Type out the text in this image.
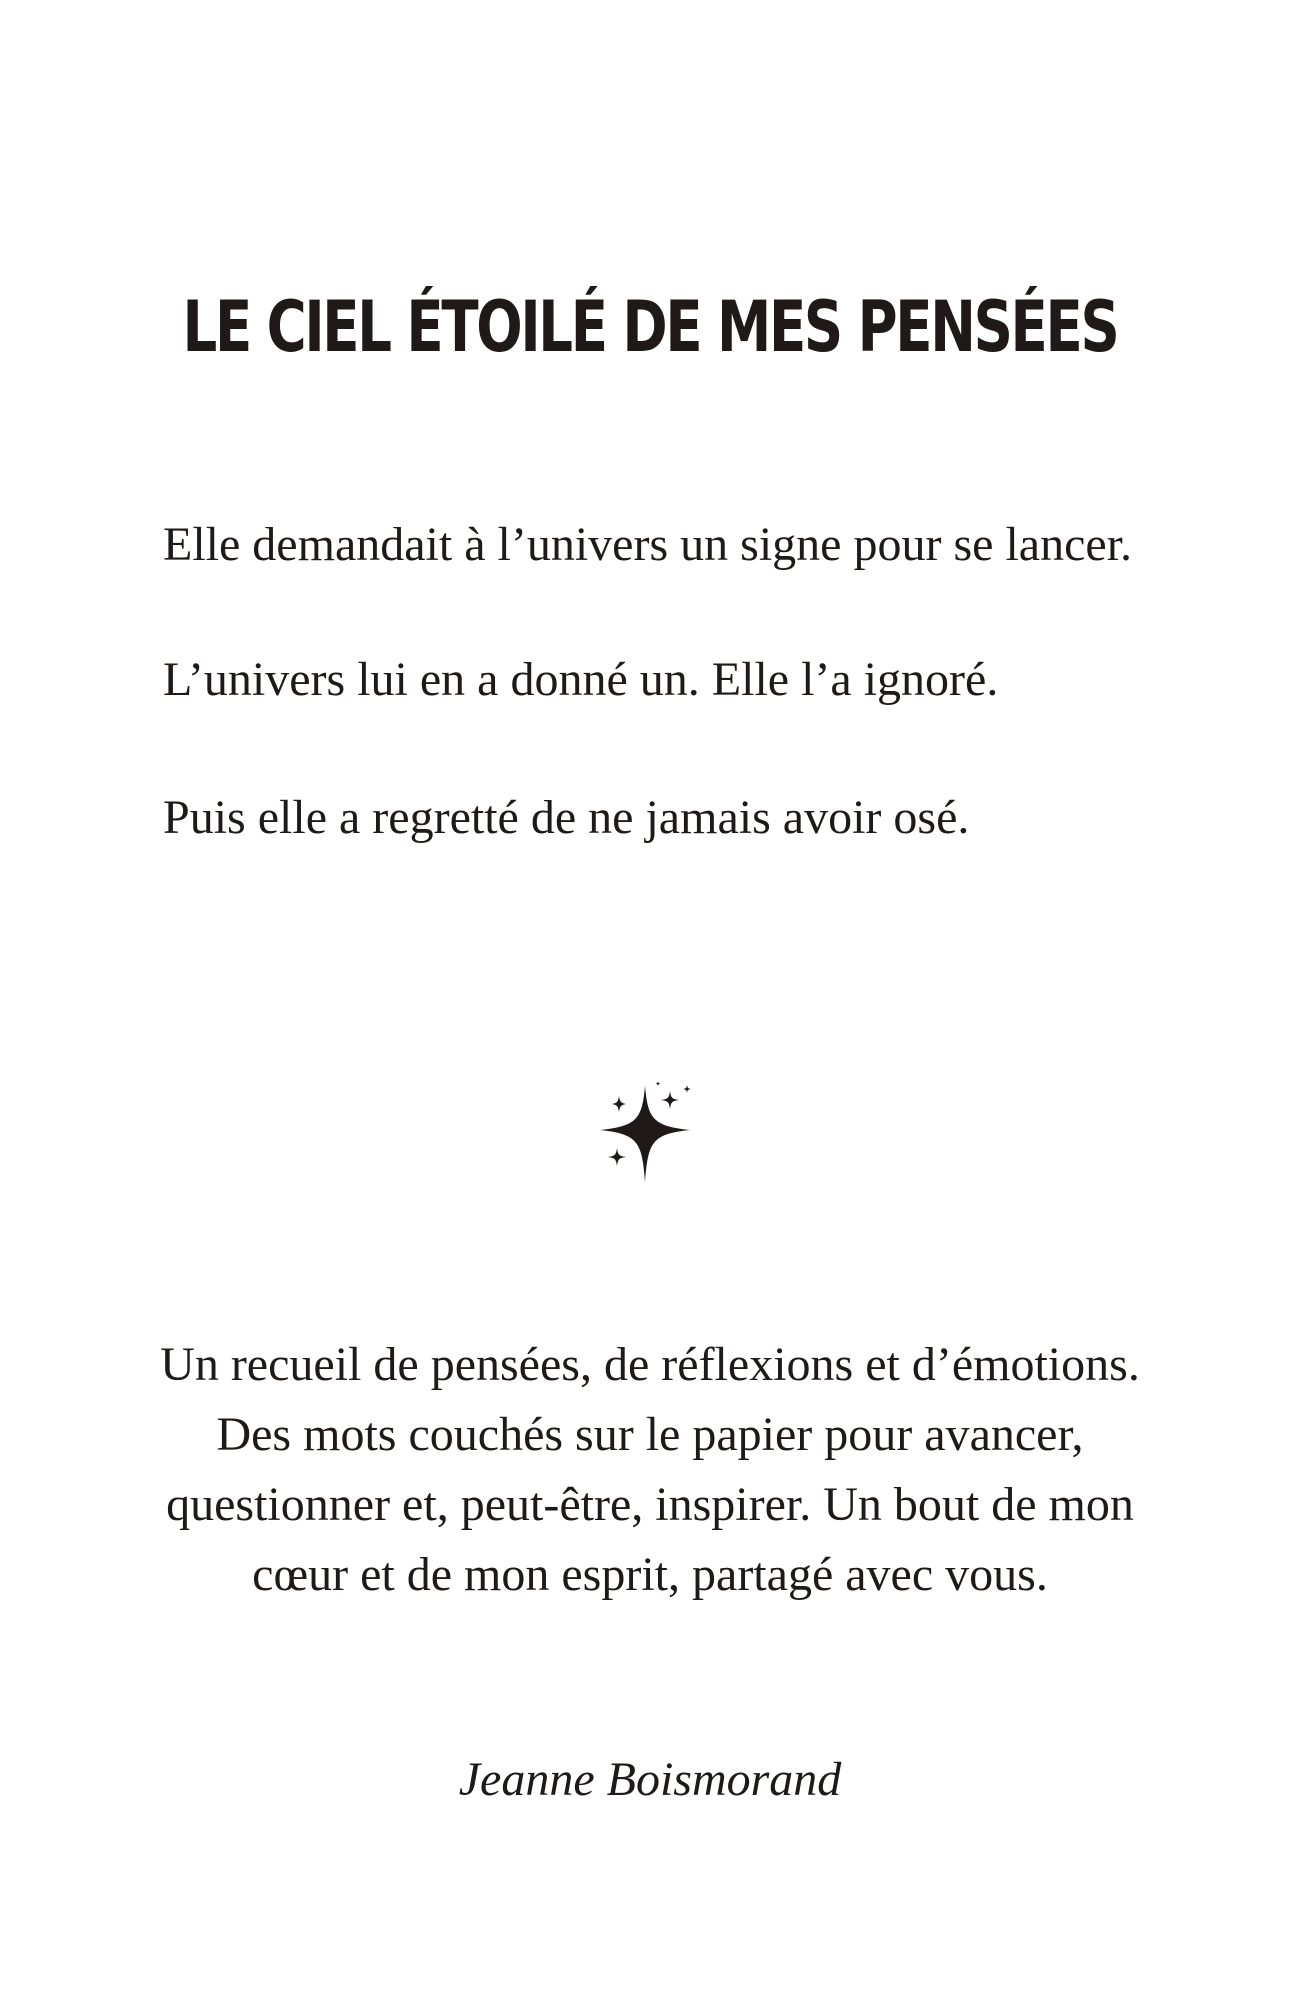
LE CIEL ÉTOILÉ DE MES PENSÉES

Elle demandait à l’univers un signe pour se lancer.

L’univers lui en a donné un. Elle l’a ignoré.

Puis elle a regretté de ne jamais avoir osé.

Un recueil de pensées, de réflexions et d’émotions.

Des mots couchés sur le papier pour avancer,

questionner et, peut-être, inspirer. Un bout de mon

cœur et de mon esprit, partagé avec vous.

Jeanne Boismorand
